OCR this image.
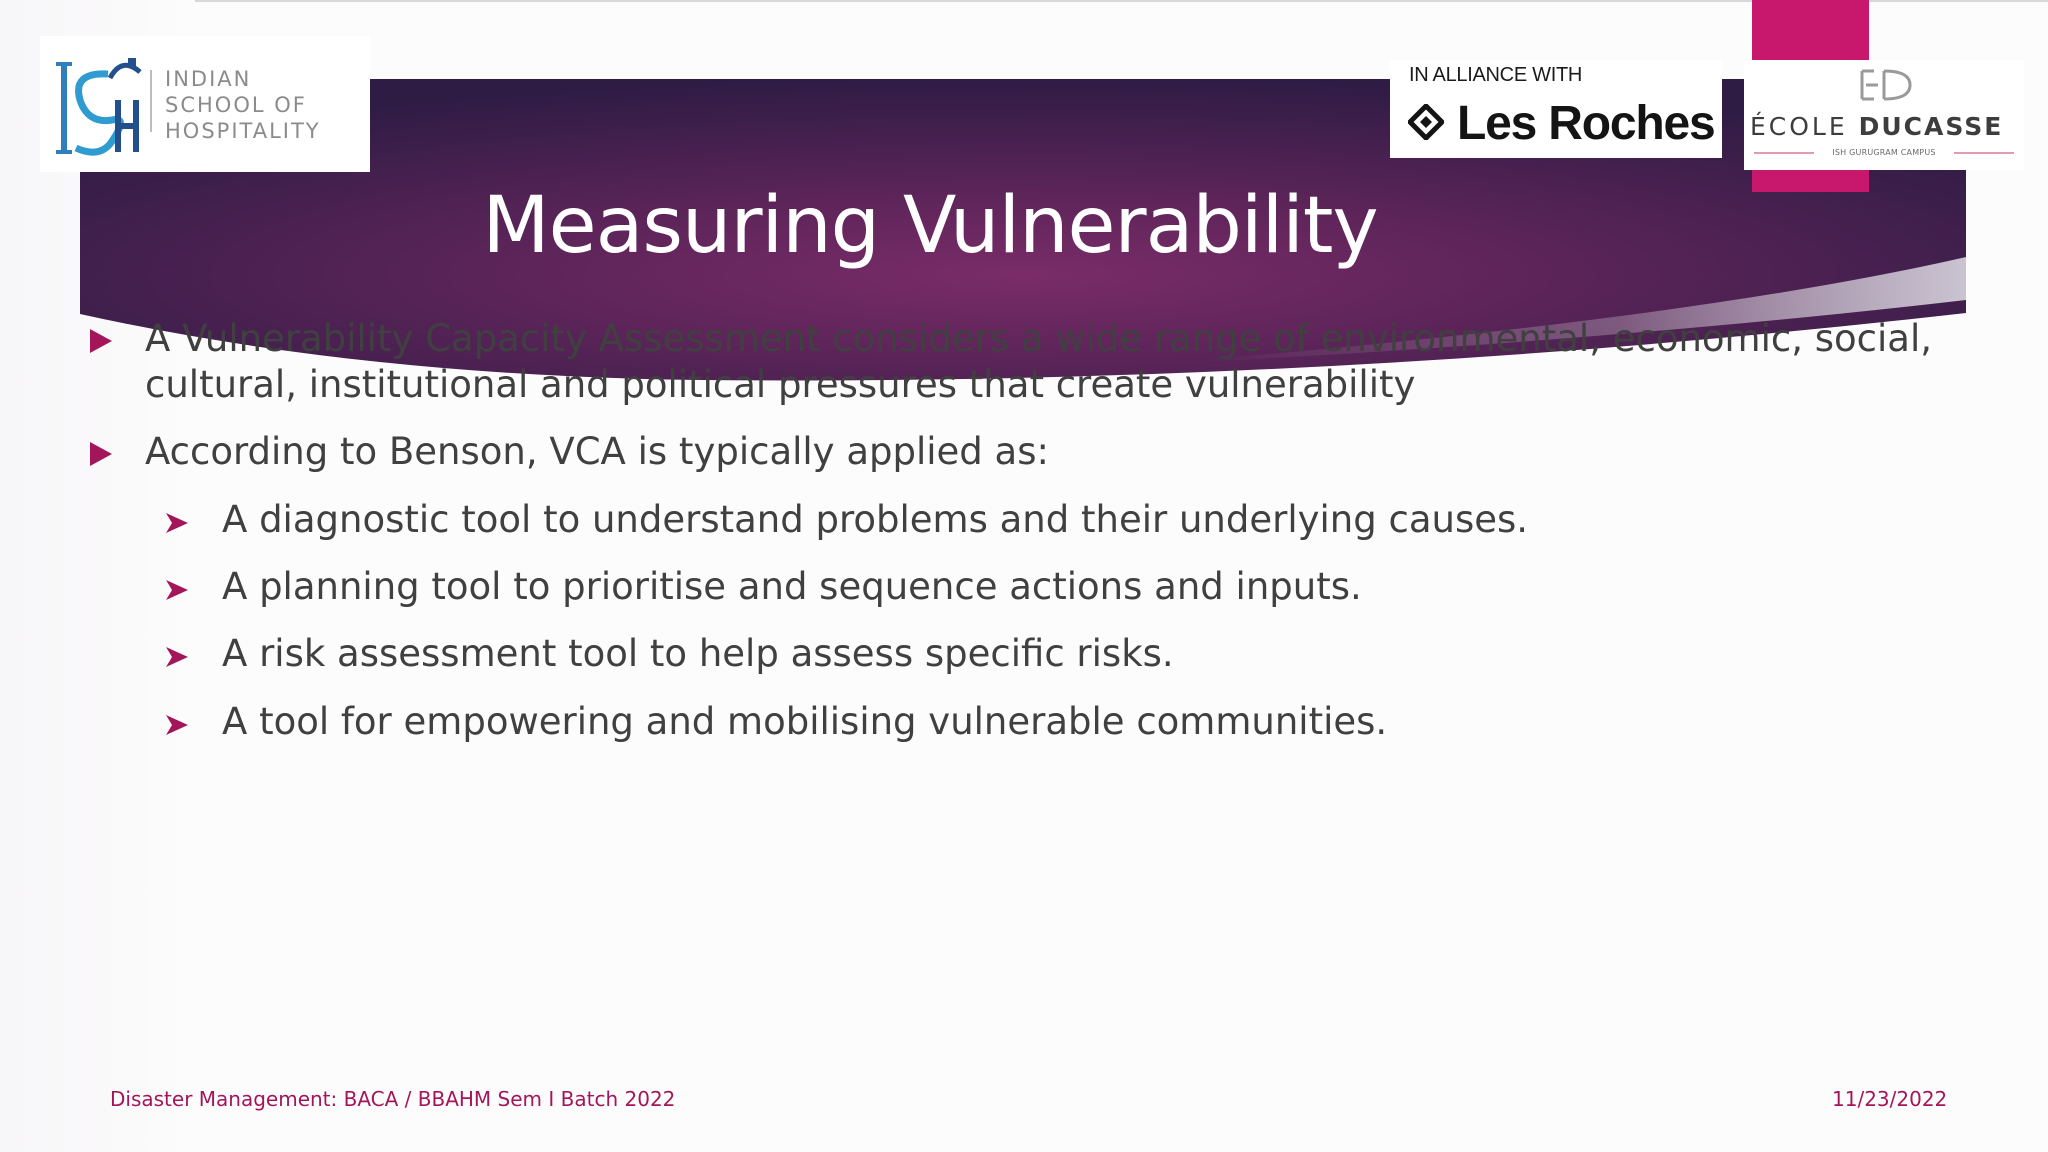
Measuring Vulnerability
INDIAN
SCHOOL OF
HOSPITALITY
IN ALLIANCE WITH
Les Roches ÉCOLE DUCASSE
ISH GURUGRAM CAMPUS
A Vulnerability Capacity Assessment considers a wide range of environmental, economic, social, cultural, institutional and political pressures that create vulnerability
According to Benson, VCA is typically applied as:
A diagnostic tool to understand problems and their underlying causes.
A planning tool to prioritise and sequence actions and inputs.
A risk assessment tool to help assess specific risks.
A tool for empowering and mobilising vulnerable communities.
Disaster Management: BACA / BBAHM Sem I Batch 2022	11/23/2022
